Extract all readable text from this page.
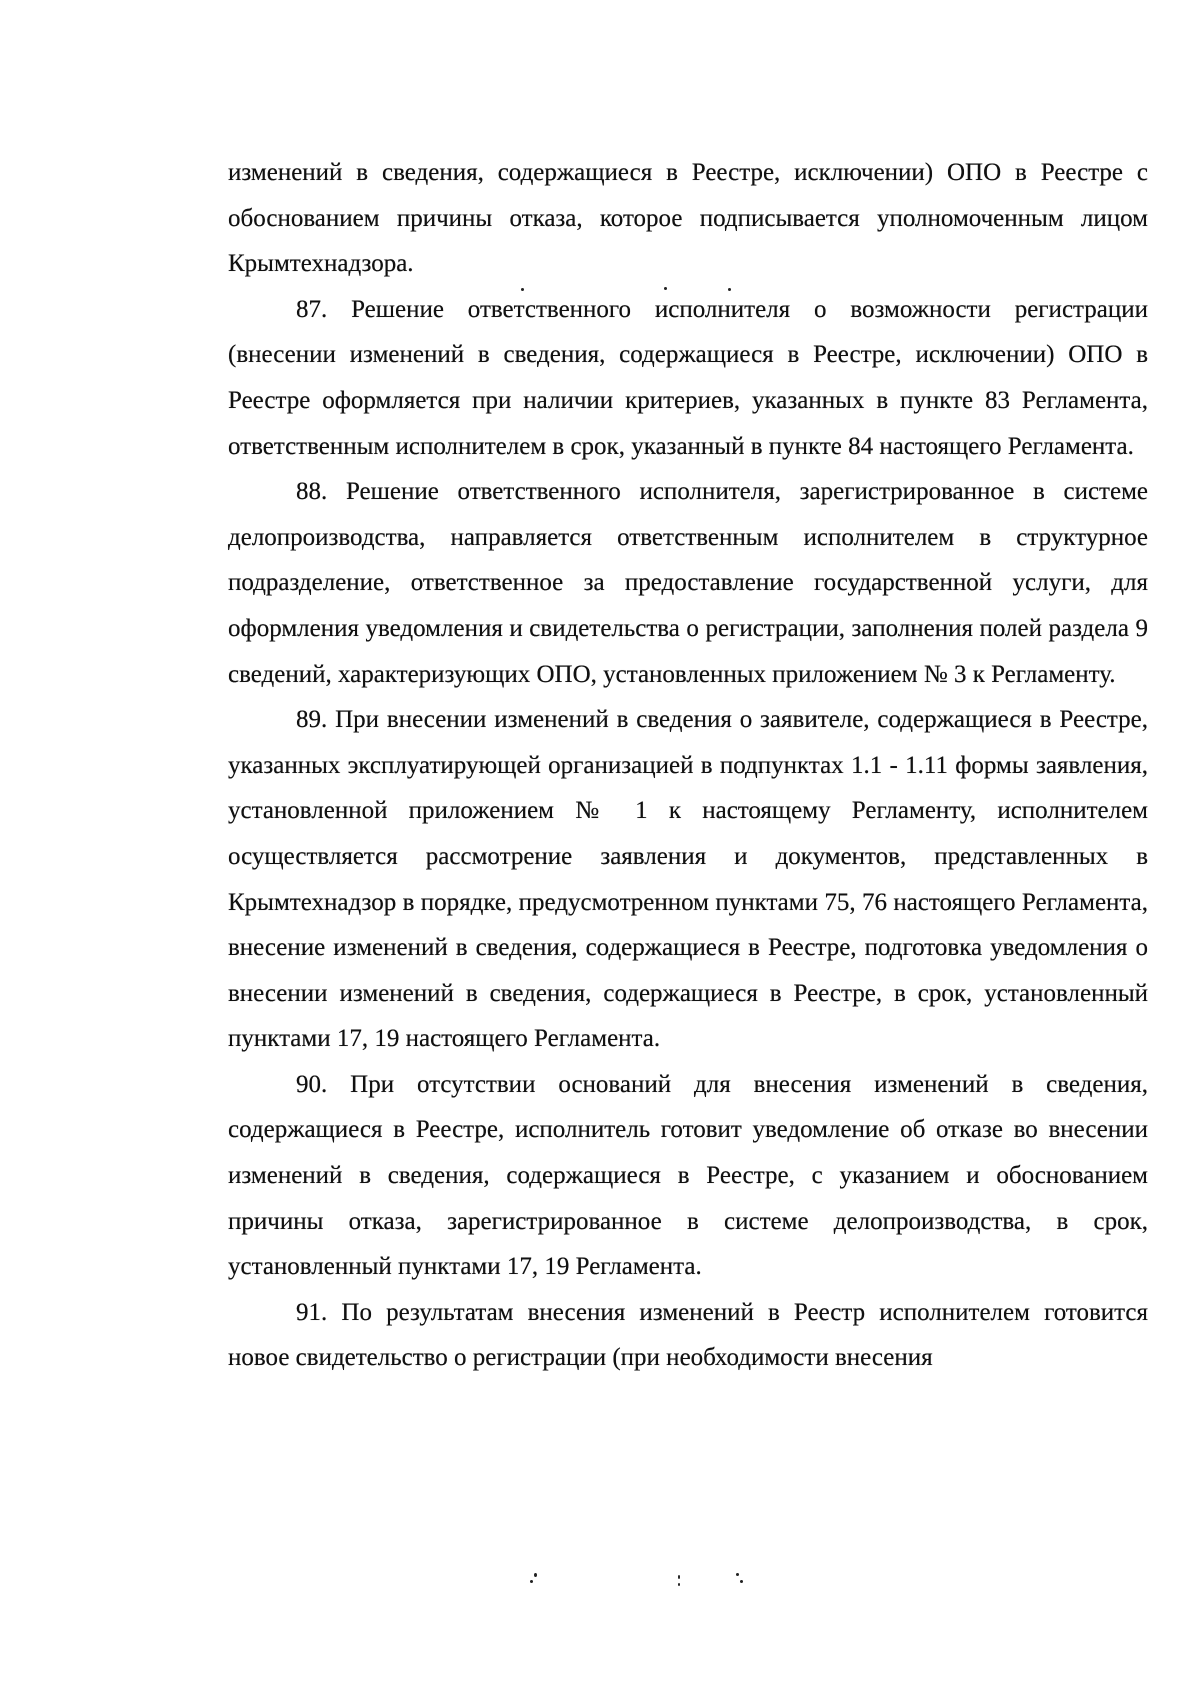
изменений в сведения, содержащиеся в Реестре, исключении) ОПО в Реестре с обоснованием причины отказа, которое подписывается уполномоченным лицом Крымтехнадзора.

87. Решение ответственного исполнителя о возможности регистрации (внесении изменений в сведения, содержащиеся в Реестре, исключении) ОПО в Реестре оформляется при наличии критериев, указанных в пункте 83 Регламента, ответственным исполнителем в срок, указанный в пункте 84 настоящего Регламента.

88. Решение ответственного исполнителя, зарегистрированное в системе делопроизводства, направляется ответственным исполнителем в структурное подразделение, ответственное за предоставление государственной услуги, для оформления уведомления и свидетельства о регистрации, заполнения полей раздела 9 сведений, характеризующих ОПО, установленных приложением № 3 к Регламенту.

89. При внесении изменений в сведения о заявителе, содержащиеся в Реестре, указанных эксплуатирующей организацией в подпунктах 1.1 - 1.11 формы заявления, установленной приложением № 1 к настоящему Регламенту, исполнителем осуществляется рассмотрение заявления и документов, представленных в Крымтехнадзор в порядке, предусмотренном пунктами 75, 76 настоящего Регламента, внесение изменений в сведения, содержащиеся в Реестре, подготовка уведомления о внесении изменений в сведения, содержащиеся в Реестре, в срок, установленный пунктами 17, 19 настоящего Регламента.

90. При отсутствии оснований для внесения изменений в сведения, содержащиеся в Реестре, исполнитель готовит уведомление об отказе во внесении изменений в сведения, содержащиеся в Реестре, с указанием и обоснованием причины отказа, зарегистрированное в системе делопроизводства, в срок, установленный пунктами 17, 19 Регламента.

91. По результатам внесения изменений в Реестр исполнителем готовится новое свидетельство о регистрации (при необходимости внесения
